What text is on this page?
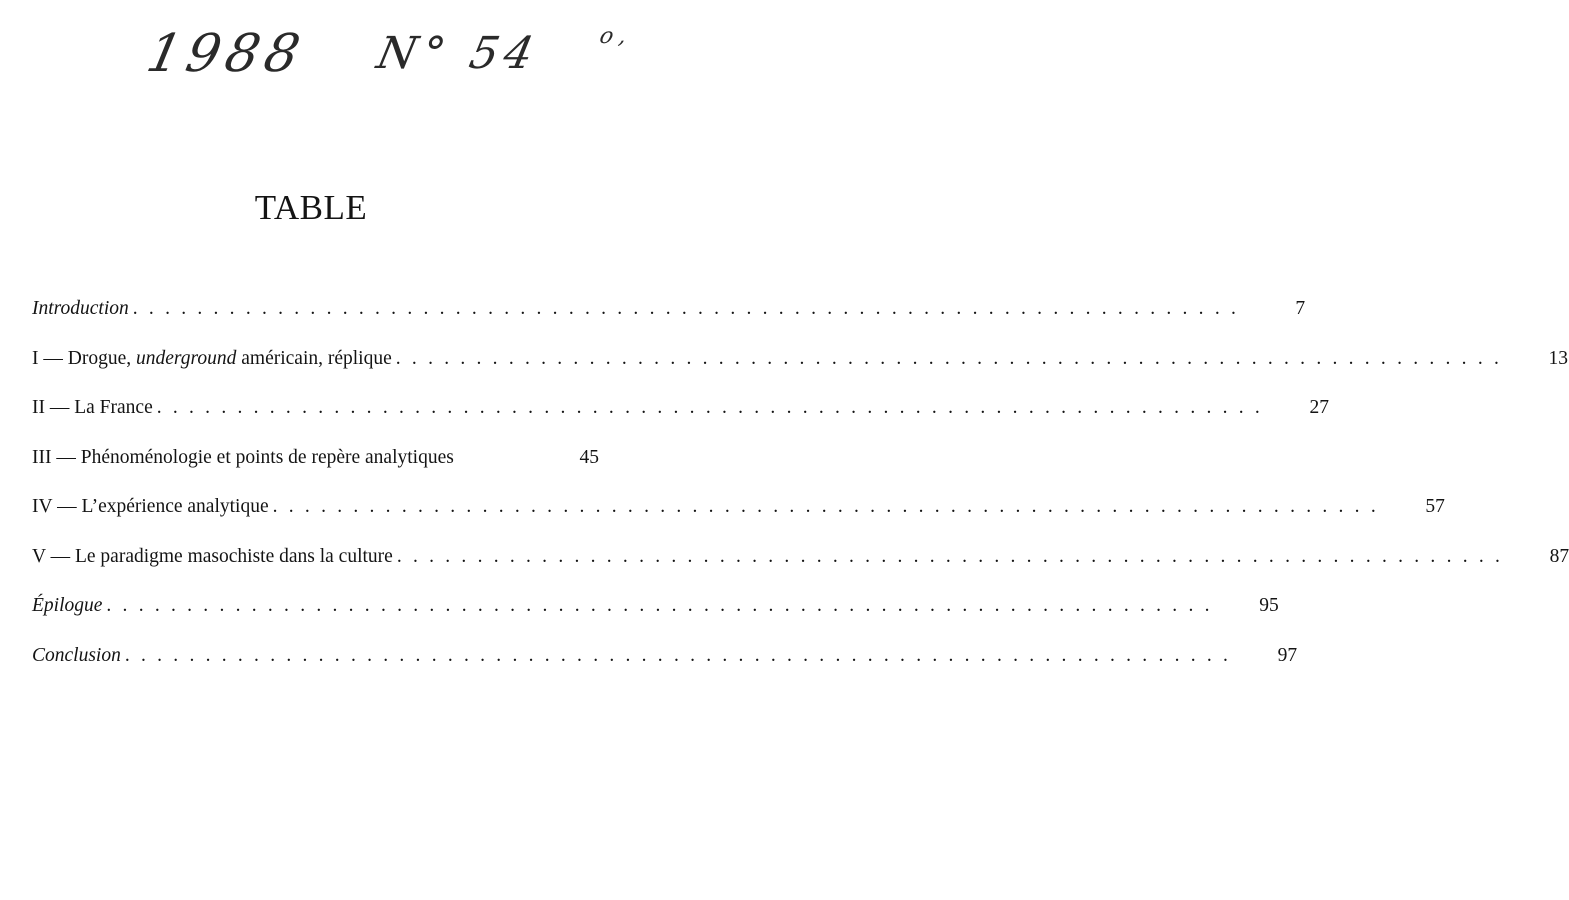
1988 N° 54 o,
TABLE
Introduction . . .	7
I — Drogue, underground américain, réplique . . .	13
II — La France . . .	27
III — Phénoménologie et points de repère analytiques	45
IV — L’expérience analytique . . .	57
V — Le paradigme masochiste dans la culture . . .	87
Épilogue . . .	95
Conclusion . . .	97
